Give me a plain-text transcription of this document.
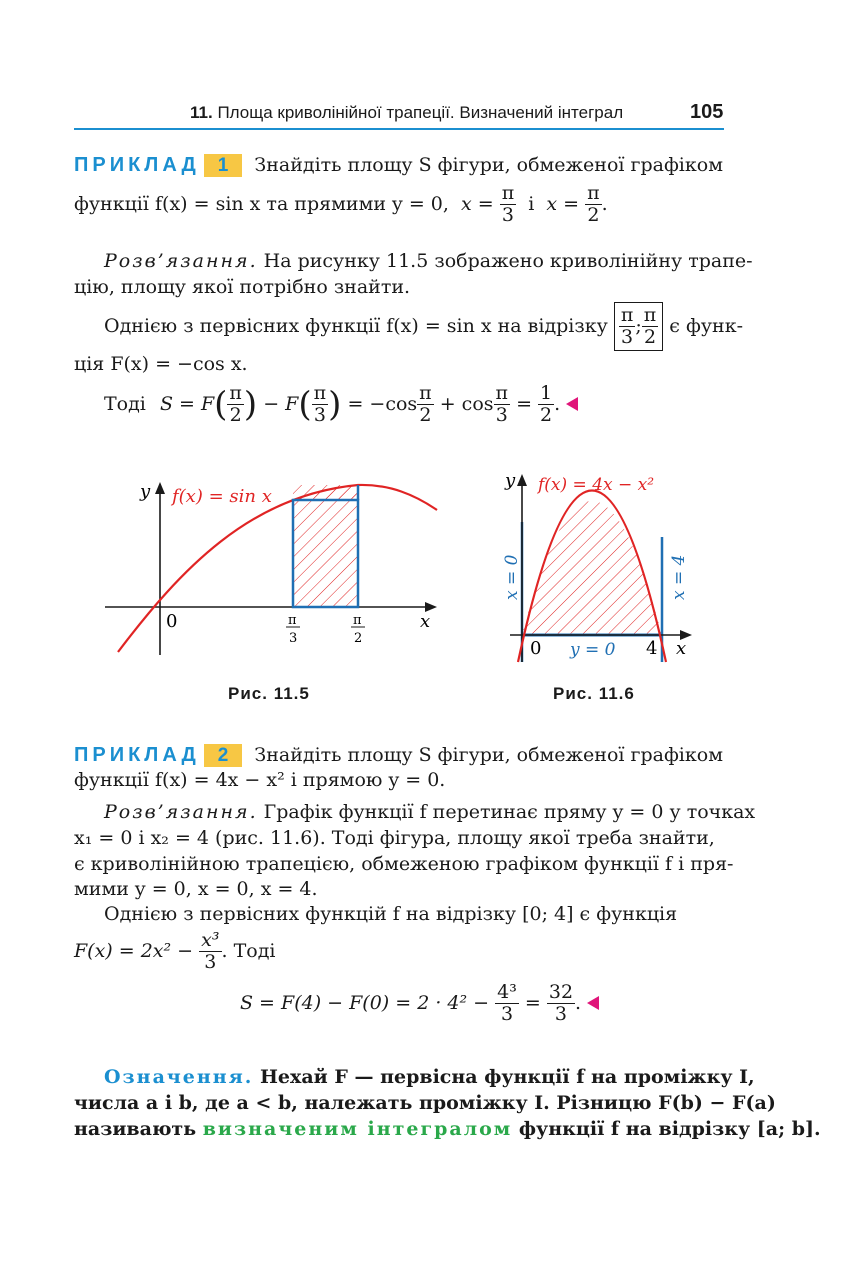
11. Площа криволінійної трапеції. Визначений інтеграл	105
ПРИКЛАД 1 Знайдіть площу S фігури, обмеженої графіком
функції f(x) = sin x та прямими y = 0, $x = \frac{\pi}{3}$ і $x = \frac{\pi}{2}$ .
Розв’язання. На рисунку 11.5 зображено криволінійну трапе-
цію, площу якої потрібно знайти.
Однією з первісних функції f(x) = sin x на відрізку $\frac{\pi}{3}$ ; $\frac{\pi}{2}$ є функ-
ція F(x) = −cos x.
Тоді $S = F( \frac{\pi}{2}$ ) − $F( \frac{\pi}{3}$ ) = $-\cos \frac{\pi}{2} + \cos \frac{\pi}{3} = \frac{1}{2}$ .
y f(x) = sin x
0	π
3
π
2
x
Рис. 11.5
y f(x) = 4x − x²
x = 0	x = 4
0 y = 0 4 x
Рис. 11.6
ПРИКЛАД 2 Знайдіть площу S фігури, обмеженої графіком
функції f(x) = 4x − x² і прямою y = 0.
Розв’язання. Графік функції f перетинає пряму y = 0 у точках
x₁ = 0 і x₂ = 4 (рис. 11.6). Тоді фігура, площу якої треба знайти,
є криволінійною трапецією, обмеженою графіком функції f і пря-
мими y = 0, x = 0, x = 4.
Однією з первісних функцій f на відрізку [0; 4] є функція
$F(x) = 2x^2 - \frac{\text{x³}}{3}$ . Тоді
$S = F(4) - F(0) = 2 \cdot 4^2 - \frac{\text{4³}}{3} = \frac{32}{3}$ .
Означення. Нехай F — первісна функції f на проміжку I,
числа a і b, де a < b, належать проміжку I. Різницю F(b) − F(a)
називають визначеним інтегралом функції f на відрізку [a; b].
